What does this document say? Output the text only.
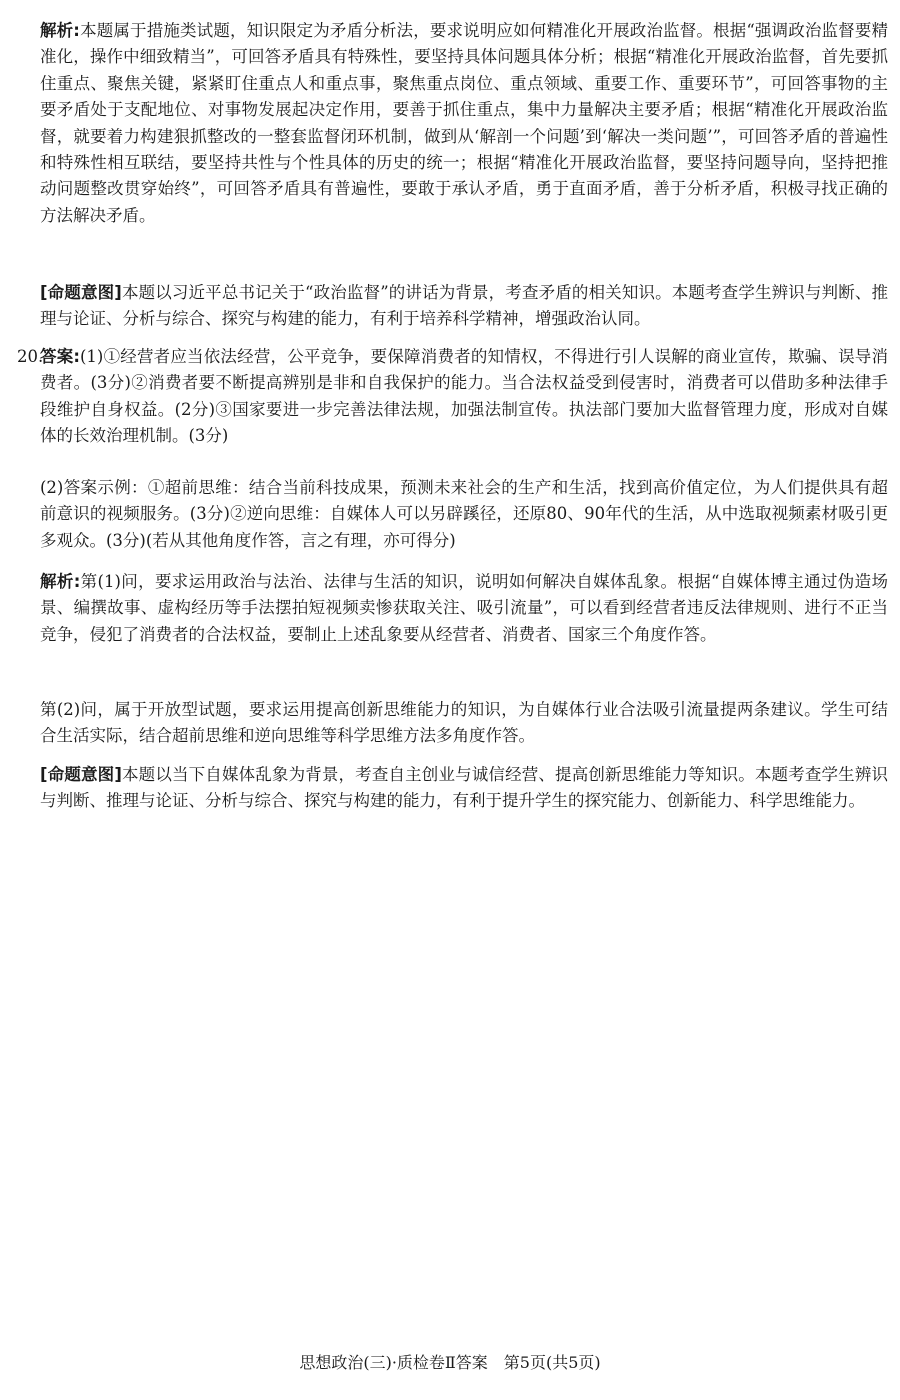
解析:本题属于措施类试题，知识限定为矛盾分析法，要求说明应如何精准化开展政治监督。根据“强调政治监督要精准化，操作中细致精当”，可回答矛盾具有特殊性，要坚持具体问题具体分析；根据“精准化开展政治监督，首先要抓住重点、聚焦关键，紧紧盯住重点人和重点事，聚焦重点岗位、重点领域、重要工作、重要环节”，可回答事物的主要矛盾处于支配地位、对事物发展起决定作用，要善于抓住重点，集中力量解决主要矛盾；根据“精准化开展政治监督，就要着力构建狠抓整改的一整套监督闭环机制，做到从‘解剖一个问题’到‘解决一类问题’”，可回答矛盾的普遍性和特殊性相互联结，要坚持共性与个性具体的历史的统一；根据“精准化开展政治监督，要坚持问题导向，坚持把推动问题整改贯穿始终”，可回答矛盾具有普遍性，要敢于承认矛盾，勇于直面矛盾，善于分析矛盾，积极寻找正确的方法解决矛盾。

[命题意图]本题以习近平总书记关于“政治监督”的讲话为背景，考查矛盾的相关知识。本题考查学生辨识与判断、推理与论证、分析与综合、探究与构建的能力，有利于培养科学精神，增强政治认同。

20.

答案:(1)①经营者应当依法经营，公平竞争，要保障消费者的知情权，不得进行引人误解的商业宣传，欺骗、误导消费者。(3分)②消费者要不断提高辨别是非和自我保护的能力。当合法权益受到侵害时，消费者可以借助多种法律手段维护自身权益。(2分)③国家要进一步完善法律法规，加强法制宣传。执法部门要加大监督管理力度，形成对自媒体的长效治理机制。(3分)

(2)答案示例：①超前思维：结合当前科技成果，预测未来社会的生产和生活，找到高价值定位，为人们提供具有超前意识的视频服务。(3分)②逆向思维：自媒体人可以另辟蹊径，还原80、90年代的生活，从中选取视频素材吸引更多观众。(3分)(若从其他角度作答，言之有理，亦可得分)

解析:第(1)问，要求运用政治与法治、法律与生活的知识，说明如何解决自媒体乱象。根据“自媒体博主通过伪造场景、编撰故事、虚构经历等手法摆拍短视频卖惨获取关注、吸引流量”，可以看到经营者违反法律规则、进行不正当竞争，侵犯了消费者的合法权益，要制止上述乱象要从经营者、消费者、国家三个角度作答。

第(2)问，属于开放型试题，要求运用提高创新思维能力的知识，为自媒体行业合法吸引流量提两条建议。学生可结合生活实际，结合超前思维和逆向思维等科学思维方法多角度作答。

[命题意图]本题以当下自媒体乱象为背景，考查自主创业与诚信经营、提高创新思维能力等知识。本题考查学生辨识与判断、推理与论证、分析与综合、探究与构建的能力，有利于提升学生的探究能力、创新能力、科学思维能力。

思想政治(三)·质检卷Ⅱ答案　第5页(共5页)
